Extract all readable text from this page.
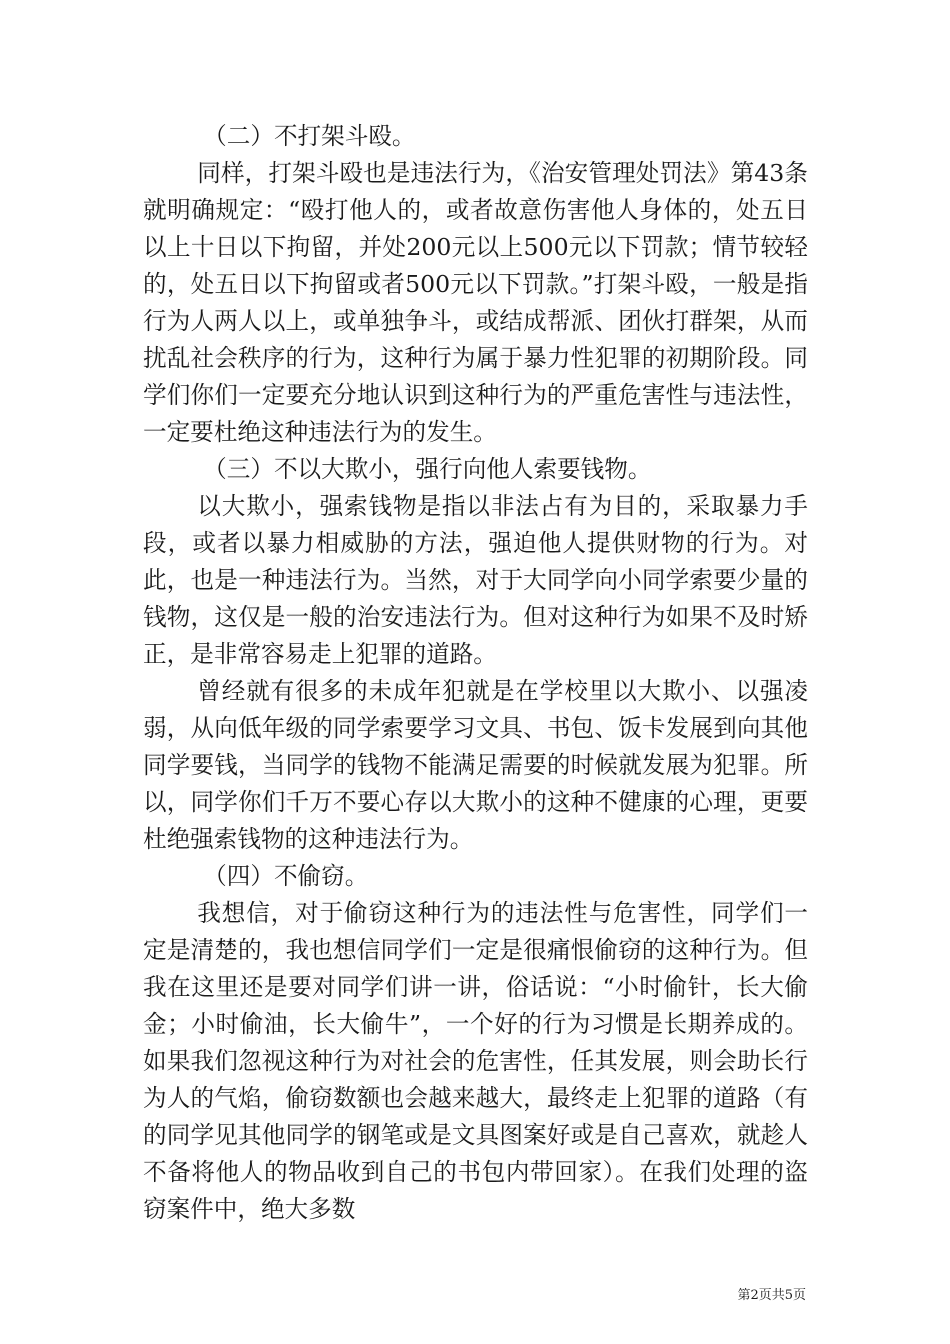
（二）不打架斗殴。

同样，打架斗殴也是违法行为，《治安管理处罚法》第43条就明确规定：“殴打他人的，或者故意伤害他人身体的，处五日以上十日以下拘留，并处200元以上500元以下罚款；情节较轻的，处五日以下拘留或者500元以下罚款。”打架斗殴，一般是指行为人两人以上，或单独争斗，或结成帮派、团伙打群架，从而扰乱社会秩序的行为，这种行为属于暴力性犯罪的初期阶段。同学们你们一定要充分地认识到这种行为的严重危害性与违法性，一定要杜绝这种违法行为的发生。

（三）不以大欺小，强行向他人索要钱物。

以大欺小，强索钱物是指以非法占有为目的，采取暴力手段，或者以暴力相威胁的方法，强迫他人提供财物的行为。对此，也是一种违法行为。当然，对于大同学向小同学索要少量的钱物，这仅是一般的治安违法行为。但对这种行为如果不及时矫正，是非常容易走上犯罪的道路。

曾经就有很多的未成年犯就是在学校里以大欺小、以强凌弱，从向低年级的同学索要学习文具、书包、饭卡发展到向其他同学要钱，当同学的钱物不能满足需要的时候就发展为犯罪。所以，同学你们千万不要心存以大欺小的这种不健康的心理，更要杜绝强索钱物的这种违法行为。

（四）不偷窃。

我想信，对于偷窃这种行为的违法性与危害性，同学们一定是清楚的，我也想信同学们一定是很痛恨偷窃的这种行为。但我在这里还是要对同学们讲一讲，俗话说：“小时偷针，长大偷金；小时偷油，长大偷牛”，一个好的行为习惯是长期养成的。如果我们忽视这种行为对社会的危害性，任其发展，则会助长行为人的气焰，偷窃数额也会越来越大，最终走上犯罪的道路（有的同学见其他同学的钢笔或是文具图案好或是自己喜欢，就趁人不备将他人的物品收到自己的书包内带回家）。在我们处理的盗窃案件中，绝大多数

第2页共5页
